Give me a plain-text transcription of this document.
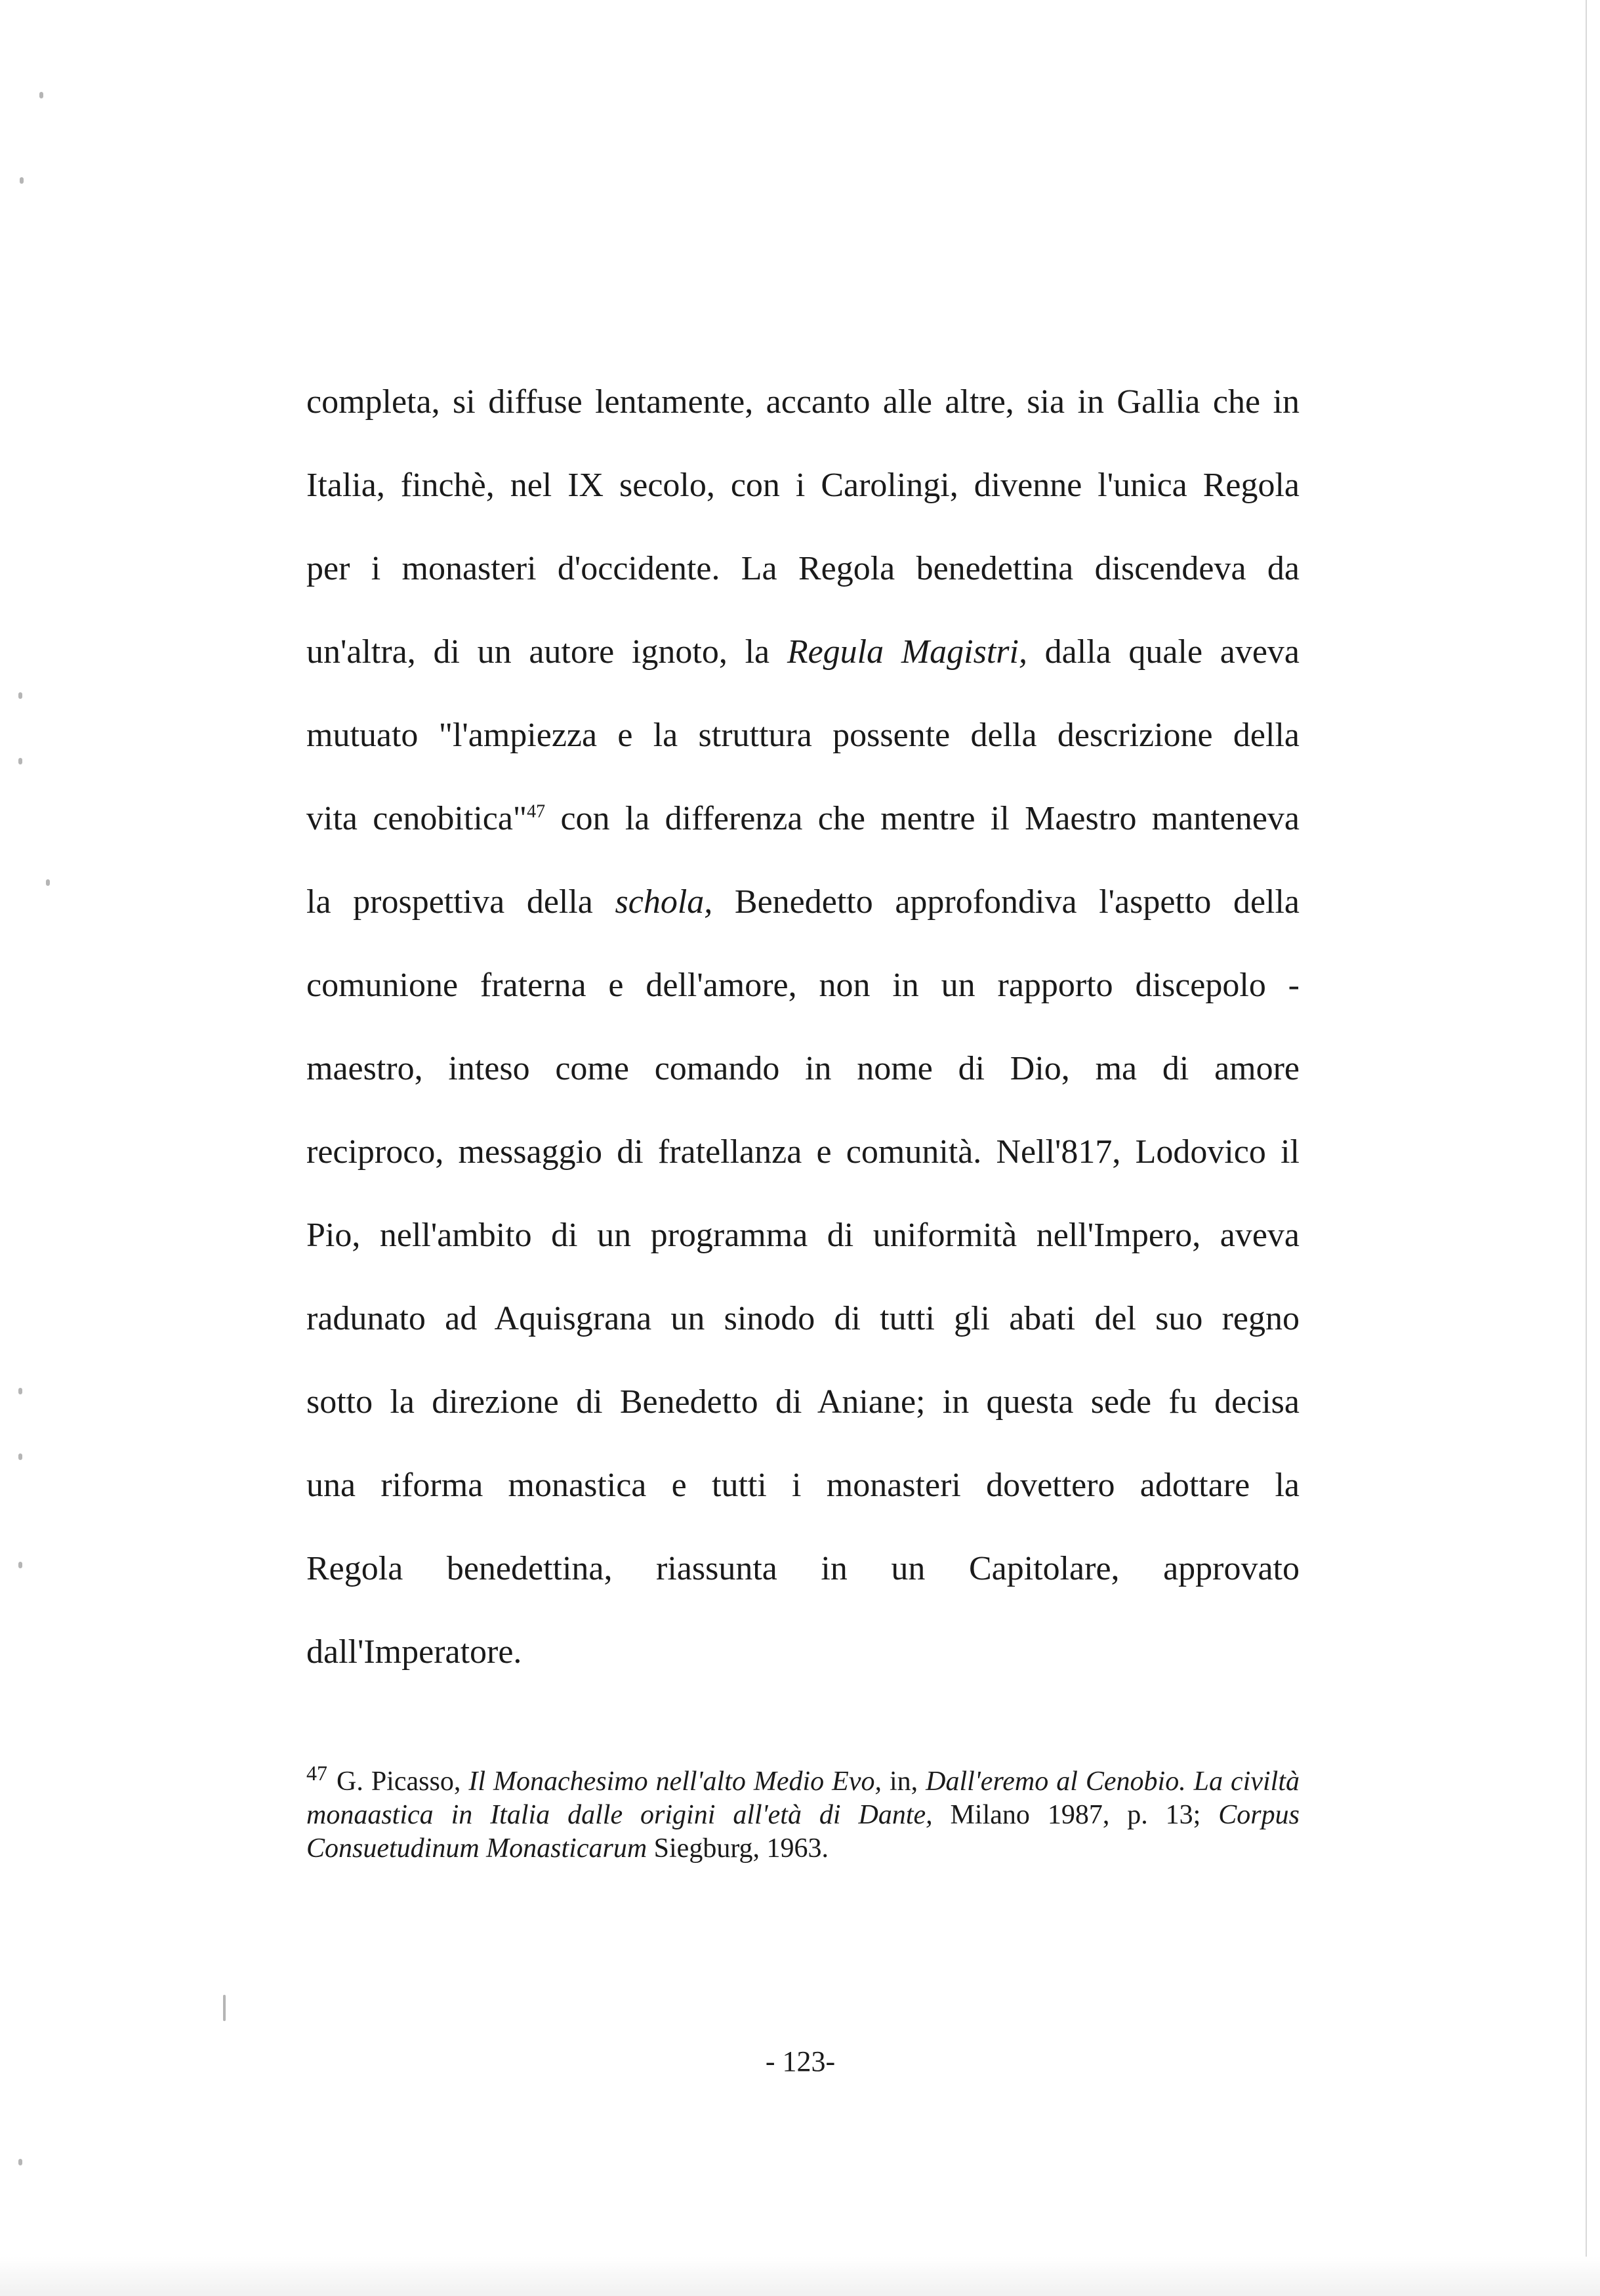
completa, si diffuse lentamente, accanto alle altre, sia in Gallia che in
Italia, finchè, nel IX secolo, con i Carolingi, divenne l'unica Regola
per i monasteri d'occidente. La Regola benedettina discendeva da
un'altra, di un autore ignoto, la Regula Magistri, dalla quale aveva
mutuato "l'ampiezza e la struttura possente della descrizione della
vita cenobitica"$^{47}$ con la differenza che mentre il Maestro manteneva
la prospettiva della schola, Benedetto approfondiva l'aspetto della
comunione fraterna e dell'amore, non in un rapporto discepolo -
maestro, inteso come comando in nome di Dio, ma di amore
reciproco, messaggio di fratellanza e comunità. Nell'817, Lodovico il
Pio, nell'ambito di un programma di uniformità nell'Impero, aveva
radunato ad Aquisgrana un sinodo di tutti gli abati del suo regno
sotto la direzione di Benedetto di Aniane; in questa sede fu decisa
una riforma monastica e tutti i monasteri dovettero adottare la
Regola benedettina, riassunta in un Capitolare, approvato
dall'Imperatore.
$^{47}$ G. Picasso, Il Monachesimo nell'alto Medio Evo, in, Dall'eremo al Cenobio. La civiltà
monaastica in Italia dalle origini all'età di Dante, Milano 1987, p. 13; Corpus
Consuetudinum Monasticarum Siegburg, 1963.
- 123-
